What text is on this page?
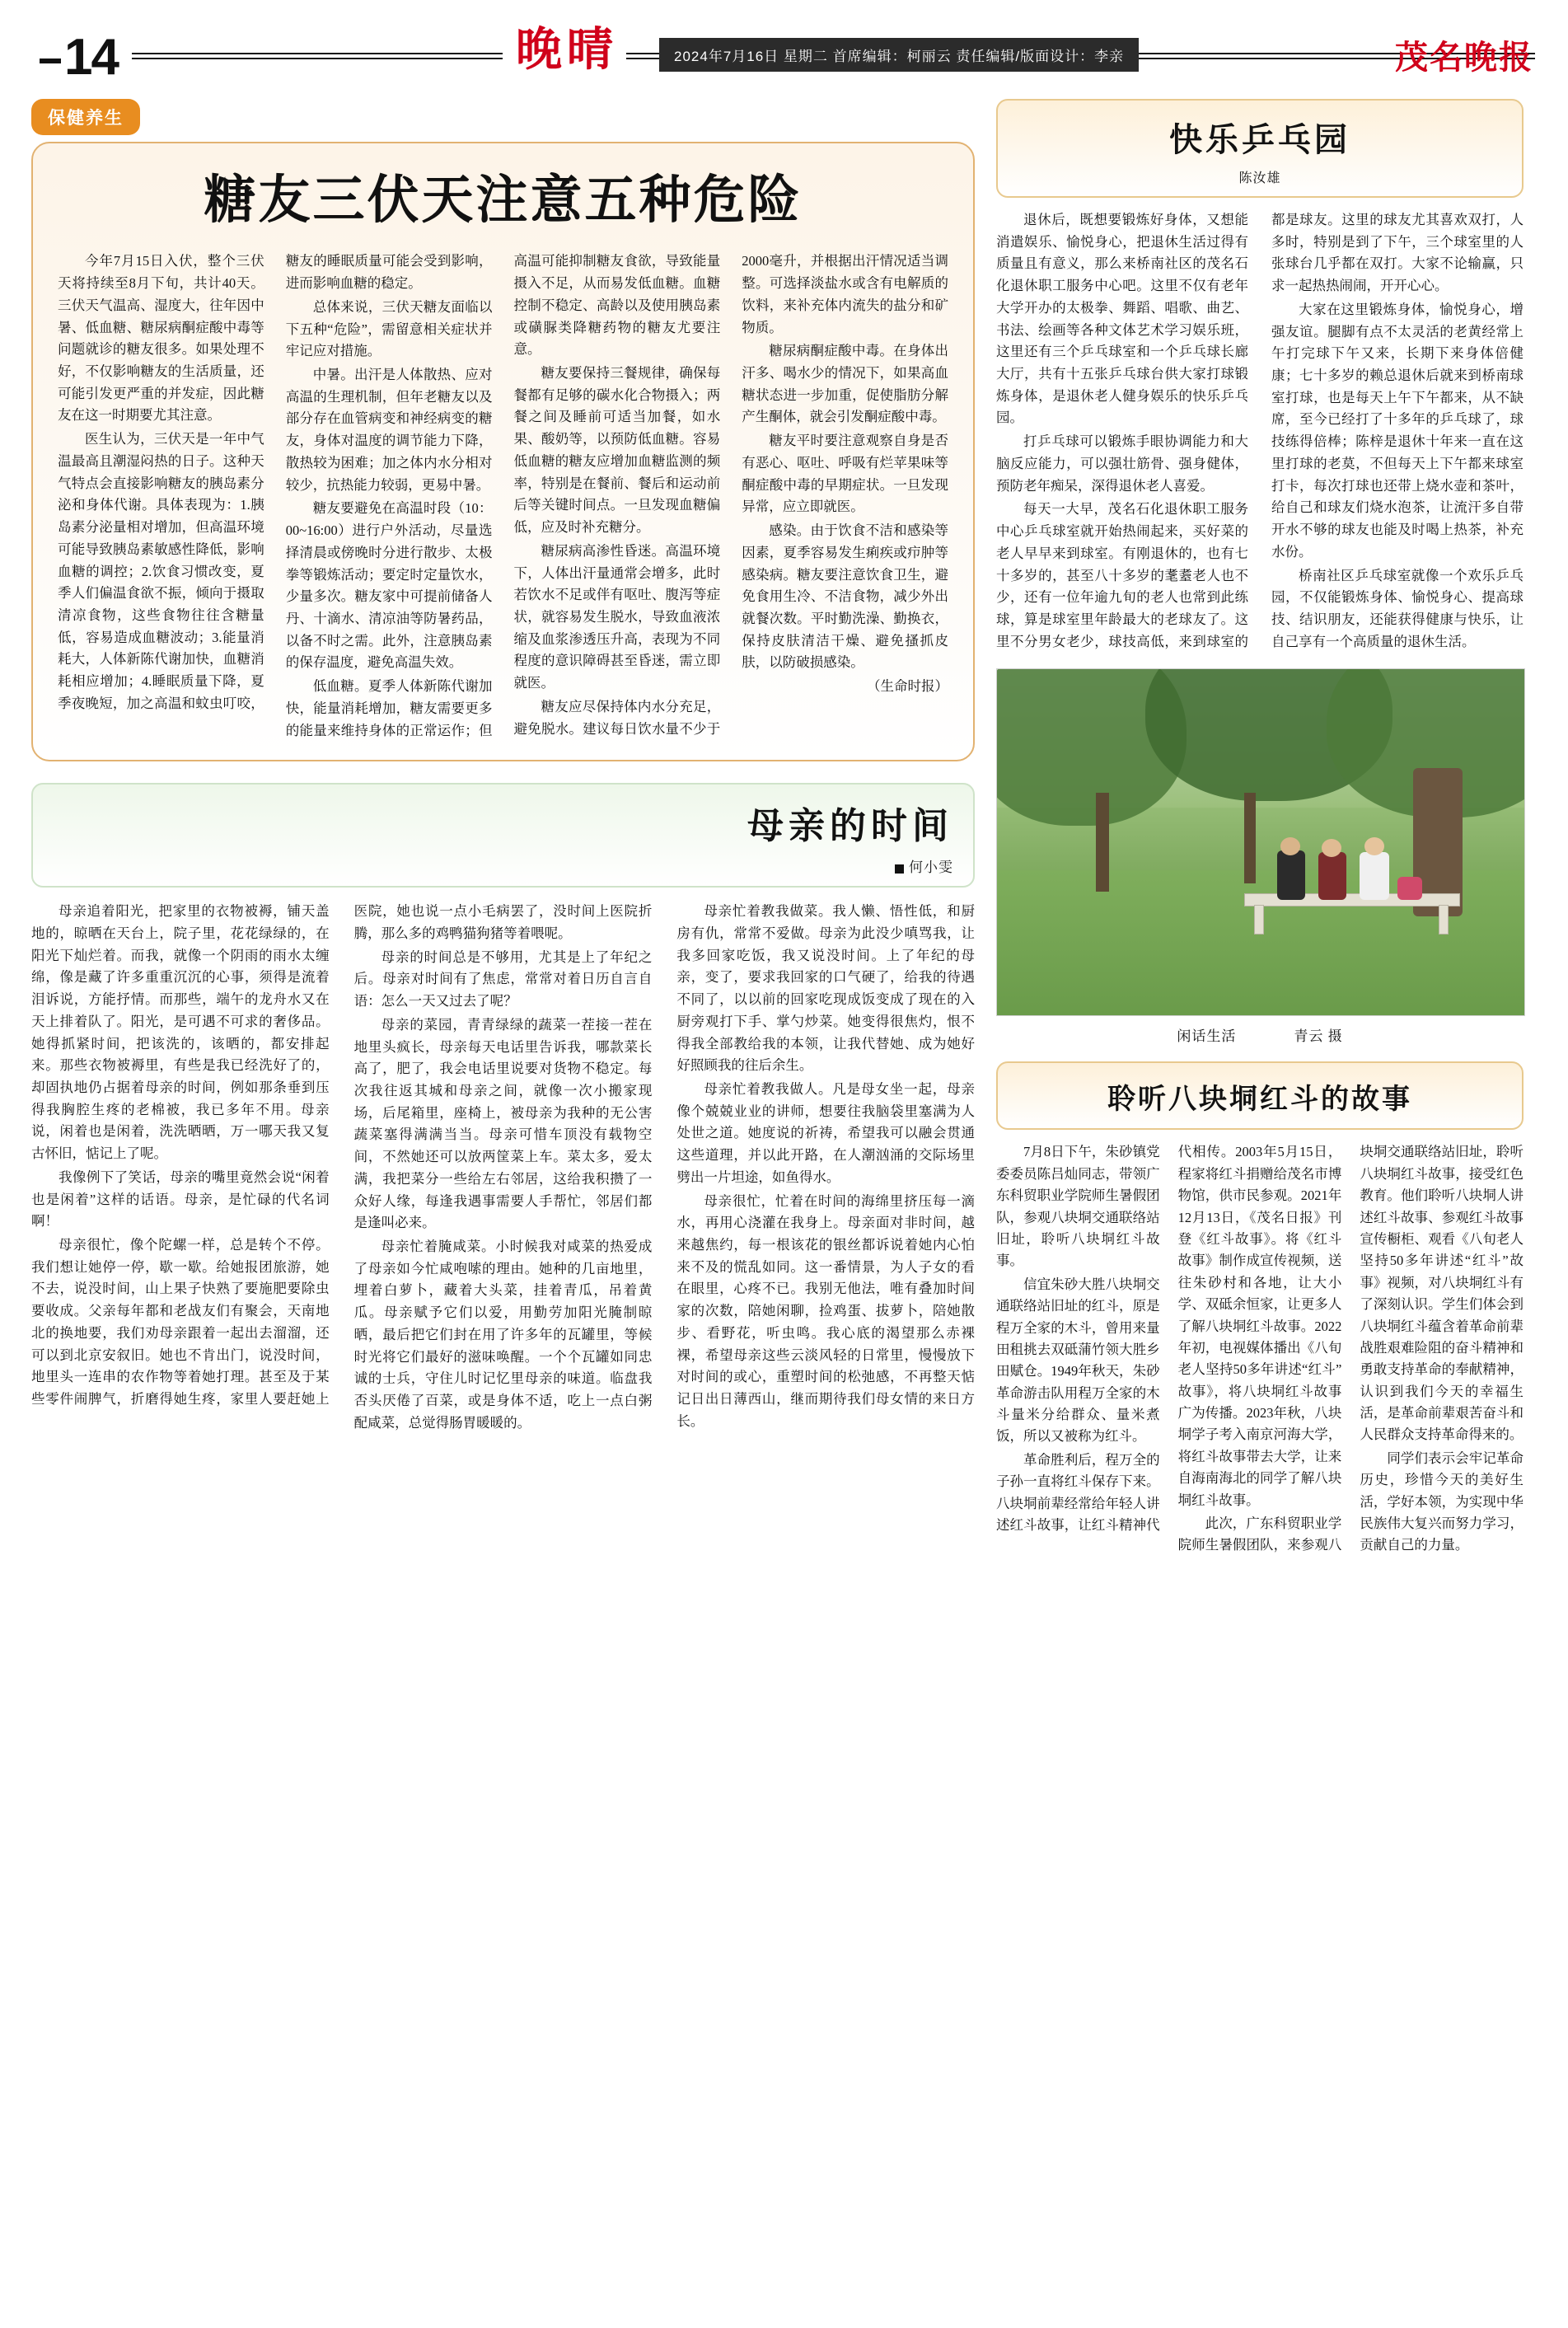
14	晚 晴	2024年7月16日 星期二 首席编辑：柯丽云 责任编辑/版面设计：李亲	茂名晚报
保健养生
糖友三伏天注意五种危险

今年7月15日入伏，整个三伏天将持续至8月下旬，共计40天。三伏天气温高、湿度大，往年因中暑、低血糖、糖尿病酮症酸中毒等问题就诊的糖友很多。如果处理不好，不仅影响糖友的生活质量，还可能引发更严重的并发症，因此糖友在这一时期要尤其注意。

医生认为，三伏天是一年中气温最高且潮湿闷热的日子。这种天气特点会直接影响糖友的胰岛素分泌和身体代谢。具体表现为：1.胰岛素分泌量相对增加，但高温环境可能导致胰岛素敏感性降低，影响血糖的调控；2.饮食习惯改变，夏季人们偏温食欲不振，倾向于摄取清凉食物，这些食物往往含糖量低，容易造成血糖波动；3.能量消耗大，人体新陈代谢加快，血糖消耗相应增加；4.睡眠质量下降，夏季夜晚短，加之高温和蚊虫叮咬，糖友的睡眠质量可能会受到影响，进而影响血糖的稳定。

总体来说，三伏天糖友面临以下五种“危险”，需留意相关症状并牢记应对措施。

中暑。出汗是人体散热、应对高温的生理机制，但年老糖友以及部分存在血管病变和神经病变的糖友，身体对温度的调节能力下降，散热较为困难；加之体内水分相对较少，抗热能力较弱，更易中暑。

糖友要避免在高温时段（10：00~16:00）进行户外活动，尽量选择清晨或傍晚时分进行散步、太极拳等锻炼活动；要定时定量饮水，少量多次。糖友家中可提前储备人丹、十滴水、清凉油等防暑药品，以备不时之需。此外，注意胰岛素的保存温度，避免高温失效。

低血糖。夏季人体新陈代谢加快，能量消耗增加，糖友需要更多的能量来维持身体的正常运作；但高温可能抑制糖友食欲，导致能量摄入不足，从而易发低血糖。血糖控制不稳定、高龄以及使用胰岛素或磺脲类降糖药物的糖友尤要注意。

糖友要保持三餐规律，确保每餐都有足够的碳水化合物摄入；两餐之间及睡前可适当加餐，如水果、酸奶等，以预防低血糖。容易低血糖的糖友应增加血糖监测的频率，特别是在餐前、餐后和运动前后等关键时间点。一旦发现血糖偏低，应及时补充糖分。

糖尿病高渗性昏迷。高温环境下，人体出汗量通常会增多，此时若饮水不足或伴有呕吐、腹泻等症状，就容易发生脱水，导致血液浓缩及血浆渗透压升高，表现为不同程度的意识障碍甚至昏迷，需立即就医。

糖友应尽保持体内水分充足，避免脱水。建议每日饮水量不少于2000毫升，并根据出汗情况适当调整。可选择淡盐水或含有电解质的饮料，来补充体内流失的盐分和矿物质。

糖尿病酮症酸中毒。在身体出汗多、喝水少的情况下，如果高血糖状态进一步加重，促使脂肪分解产生酮体，就会引发酮症酸中毒。

糖友平时要注意观察自身是否有恶心、呕吐、呼吸有烂苹果味等酮症酸中毒的早期症状。一旦发现异常，应立即就医。

感染。由于饮食不洁和感染等因素，夏季容易发生痢疾或疖肿等感染病。糖友要注意饮食卫生，避免食用生冷、不洁食物，减少外出就餐次数。平时勤洗澡、勤换衣，保持皮肤清洁干燥、避免搔抓皮肤，以防破损感染。

（生命时报）

母亲的时间
何小雯

母亲追着阳光，把家里的衣物被褥，铺天盖地的，晾晒在天台上，院子里，花花绿绿的，在阳光下灿烂着。而我，就像一个阴雨的雨水太缠绵，像是藏了许多重重沉沉的心事，须得是流着泪诉说，方能抒情。而那些，端午的龙舟水又在天上排着队了。阳光，是可遇不可求的奢侈品。她得抓紧时间，把该洗的，该晒的，都安排起来。那些衣物被褥里，有些是我已经洗好了的，却固执地仍占据着母亲的时间，例如那条垂到压得我胸腔生疼的老棉被，我已多年不用。母亲说，闲着也是闲着，洗洗晒晒，万一哪天我又复古怀旧，惦记上了呢。

我像例下了笑话，母亲的嘴里竟然会说“闲着也是闲着”这样的话语。母亲，是忙碌的代名词啊！

母亲很忙，像个陀螺一样，总是转个不停。我们想让她停一停，歇一歇。给她报团旅游，她不去，说没时间，山上果子快熟了要施肥要除虫要收成。父亲每年都和老战友们有聚会，天南地北的换地要，我们劝母亲跟着一起出去溜溜，还可以到北京安叙旧。她也不肯出门，说没时间，地里头一连串的农作物等着她打理。甚至及于某些零件闹脾气，折磨得她生疼，家里人要赶她上医院，她也说一点小毛病罢了，没时间上医院折腾，那么多的鸡鸭猫狗猪等着喂呢。

母亲的时间总是不够用，尤其是上了年纪之后。母亲对时间有了焦虑，常常对着日历自言自语：怎么一天又过去了呢？

母亲的菜园，青青绿绿的蔬菜一茬接一茬在地里头疯长，母亲每天电话里告诉我，哪款菜长高了，肥了，我会电话里说要对货物不稳定。每次我往返其城和母亲之间，就像一次小搬家现场，后尾箱里，座椅上，被母亲为我种的无公害蔬菜塞得满满当当。母亲可惜车顶没有载物空间，不然她还可以放两筐菜上车。菜太多，爱太满，我把菜分一些给左右邻居，这给我积攒了一众好人缘，每逢我遇事需要人手帮忙，邻居们都是逢叫必来。

母亲忙着腌咸菜。小时候我对咸菜的热爱成了母亲如今忙咸咆嗦的理由。她种的几亩地里，埋着白萝卜，藏着大头菜，挂着青瓜，吊着黄瓜。母亲赋予它们以爱，用勤劳加阳光腌制晾晒，最后把它们封在用了许多年的瓦罐里，等候时光将它们最好的滋味唤醒。一个个瓦罐如同忠诚的士兵，守住儿时记忆里母亲的味道。临盘我否头厌倦了百菜，或是身体不适，吃上一点白粥配咸菜，总觉得肠胃暖暖的。

母亲忙着教我做菜。我人懒、悟性低，和厨房有仇，常常不爱做。母亲为此没少嗔骂我，让我多回家吃饭，我又说没时间。上了年纪的母亲，变了，要求我回家的口气硬了，给我的待遇不同了，以以前的回家吃现成饭变成了现在的入厨旁观打下手、掌勺炒菜。她变得很焦灼，恨不得我全部教给我的本领，让我代替她、成为她好好照顾我的往后余生。

母亲忙着教我做人。凡是母女坐一起，母亲像个兢兢业业的讲师，想要往我脑袋里塞满为人处世之道。她度说的祈祷，希望我可以融会贯通这些道理，并以此开路，在人潮汹涌的交际场里劈出一片坦途，如鱼得水。

母亲很忙，忙着在时间的海绵里挤压每一滴水，再用心浇灌在我身上。母亲面对非时间，越来越焦约，每一根该花的银丝都诉说着她内心怕来不及的慌乱如同。这一番情景，为人子女的看在眼里，心疼不已。我别无他法，唯有叠加时间家的次数，陪她闲聊，捡鸡蛋、拔萝卜，陪她散步、看野花，听虫鸣。我心底的渴望那么赤裸裸，希望母亲这些云淡风轻的日常里，慢慢放下对时间的或心，重塑时间的松弛感，不再整天惦记日出日薄西山，继而期待我们母女情的来日方长。

快乐乒乓园
陈汝雄

退休后，既想要锻炼好身体，又想能消遣娱乐、愉悦身心，把退休生活过得有质量且有意义，那么来桥南社区的茂名石化退休职工服务中心吧。这里不仅有老年大学开办的太极拳、舞蹈、唱歌、曲艺、书法、绘画等各种文体艺术学习娱乐班，这里还有三个乒乓球室和一个乒乓球长廊大厅，共有十五张乒乓球台供大家打球锻炼身体，是退休老人健身娱乐的快乐乒乓园。

打乒乓球可以锻炼手眼协调能力和大脑反应能力，可以强壮筋骨、强身健体，预防老年痴呆，深得退休老人喜爱。

每天一大早，茂名石化退休职工服务中心乒乓球室就开始热闹起来，买好菜的老人早早来到球室。有刚退休的，也有七十多岁的，甚至八十多岁的耄耋老人也不少，还有一位年逾九旬的老人也常到此练球，算是球室里年龄最大的老球友了。这里不分男女老少，球技高低，来到球室的都是球友。这里的球友尤其喜欢双打，人多时，特别是到了下午，三个球室里的人张球台几乎都在双打。大家不论输赢，只求一起热热闹闹，开开心心。

大家在这里锻炼身体，愉悦身心，增强友谊。腿脚有点不太灵活的老黄经常上午打完球下午又来，长期下来身体倍健康；七十多岁的赖总退休后就来到桥南球室打球，也是每天上午下午都来，从不缺席，至今已经打了十多年的乒乓球了，球技练得倍棒；陈梓是退休十年来一直在这里打球的老莫，不但每天上下午都来球室打卡，每次打球也还带上烧水壶和茶叶，给自己和球友们烧水泡茶，让流汗多自带开水不够的球友也能及时喝上热茶，补充水份。

桥南社区乒乓球室就像一个欢乐乒乓园，不仅能锻炼身体、愉悦身心、提高球技、结识朋友，还能获得健康与快乐，让自己享有一个高质量的退休生活。

闲话生活	青云 摄
聆听八块垌红斗的故事

7月8日下午，朱砂镇党委委员陈吕灿同志，带领广东科贸职业学院师生暑假团队，参观八块垌交通联络站旧址，聆听八块垌红斗故事。

信宜朱砂大胜八块垌交通联络站旧址的红斗，原是程万全家的木斗，曾用来量田租挑去双砥蒲竹领大胜乡田赋仓。1949年秋天，朱砂革命游击队用程万全家的木斗量米分给群众、量米煮饭，所以又被称为红斗。

革命胜利后，程万全的子孙一直将红斗保存下来。八块垌前辈经常给年轻人讲述红斗故事，让红斗精神代代相传。2003年5月15日，程家将红斗捐赠给茂名市博物馆，供市民参观。2021年12月13日，《茂名日报》刊登《红斗故事》。将《红斗故事》制作成宣传视频，送往朱砂村和各地，让大小学、双砥余恒家，让更多人了解八块垌红斗故事。2022年初，电视媒体播出《八旬老人坚持50多年讲述“红斗”故事》，将八块垌红斗故事广为传播。2023年秋，八块垌学子考入南京河海大学，将红斗故事带去大学，让来自海南海北的同学了解八块垌红斗故事。

此次，广东科贸职业学院师生暑假团队，来参观八块垌交通联络站旧址，聆听八块垌红斗故事，接受红色教育。他们聆听八块垌人讲述红斗故事、参观红斗故事宣传橱柜、观看《八旬老人坚持50多年讲述“红斗”故事》视频，对八块垌红斗有了深刻认识。学生们体会到八块垌红斗蕴含着革命前辈战胜艰难险阻的奋斗精神和勇敢支持革命的奉献精神，认识到我们今天的幸福生活，是革命前辈艰苦奋斗和人民群众支持革命得来的。

同学们表示会牢记革命历史，珍惜今天的美好生活，学好本领，为实现中华民族伟大复兴而努力学习，贡献自己的力量。
